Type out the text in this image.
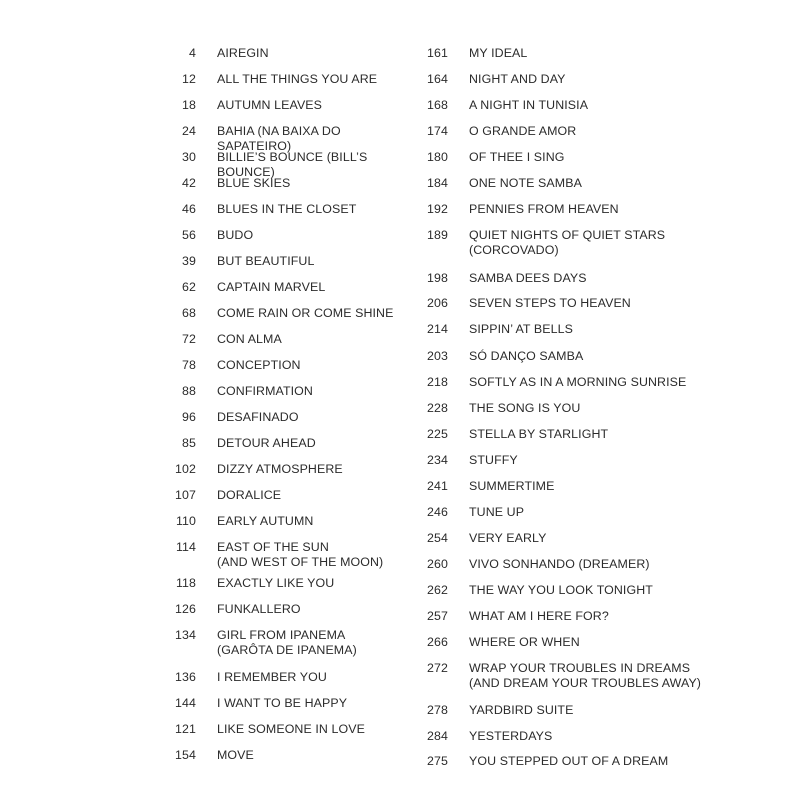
4 AIREGIN
12 ALL THE THINGS YOU ARE
18 AUTUMN LEAVES
24 BAHIA (NA BAIXA DO SAPATEIRO)
30 BILLIE’S BOUNCE (BILL’S BOUNCE)
42 BLUE SKIES
46 BLUES IN THE CLOSET
56 BUDO
39 BUT BEAUTIFUL
62 CAPTAIN MARVEL
68 COME RAIN OR COME SHINE
72 CON ALMA
78 CONCEPTION
88 CONFIRMATION
96 DESAFINADO
85 DETOUR AHEAD
102 DIZZY ATMOSPHERE
107 DORALICE
110 EARLY AUTUMN
114 EAST OF THE SUN
(AND WEST OF THE MOON)
118 EXACTLY LIKE YOU
126 FUNKALLERO
134 GIRL FROM IPANEMA
(GARÔTA DE IPANEMA)
136 I REMEMBER YOU
144 I WANT TO BE HAPPY
121 LIKE SOMEONE IN LOVE
154 MOVE
161 MY IDEAL
164 NIGHT AND DAY
168 A NIGHT IN TUNISIA
174 O GRANDE AMOR
180 OF THEE I SING
184 ONE NOTE SAMBA
192 PENNIES FROM HEAVEN
189 QUIET NIGHTS OF QUIET STARS
(CORCOVADO)
198 SAMBA DEES DAYS
206 SEVEN STEPS TO HEAVEN
214 SIPPIN’ AT BELLS
203 SÓ DANÇO SAMBA
218 SOFTLY AS IN A MORNING SUNRISE
228 THE SONG IS YOU
225 STELLA BY STARLIGHT
234 STUFFY
241 SUMMERTIME
246 TUNE UP
254 VERY EARLY
260 VIVO SONHANDO (DREAMER)
262 THE WAY YOU LOOK TONIGHT
257 WHAT AM I HERE FOR?
266 WHERE OR WHEN
272 WRAP YOUR TROUBLES IN DREAMS
(AND DREAM YOUR TROUBLES AWAY)
278 YARDBIRD SUITE
284 YESTERDAYS
275 YOU STEPPED OUT OF A DREAM
